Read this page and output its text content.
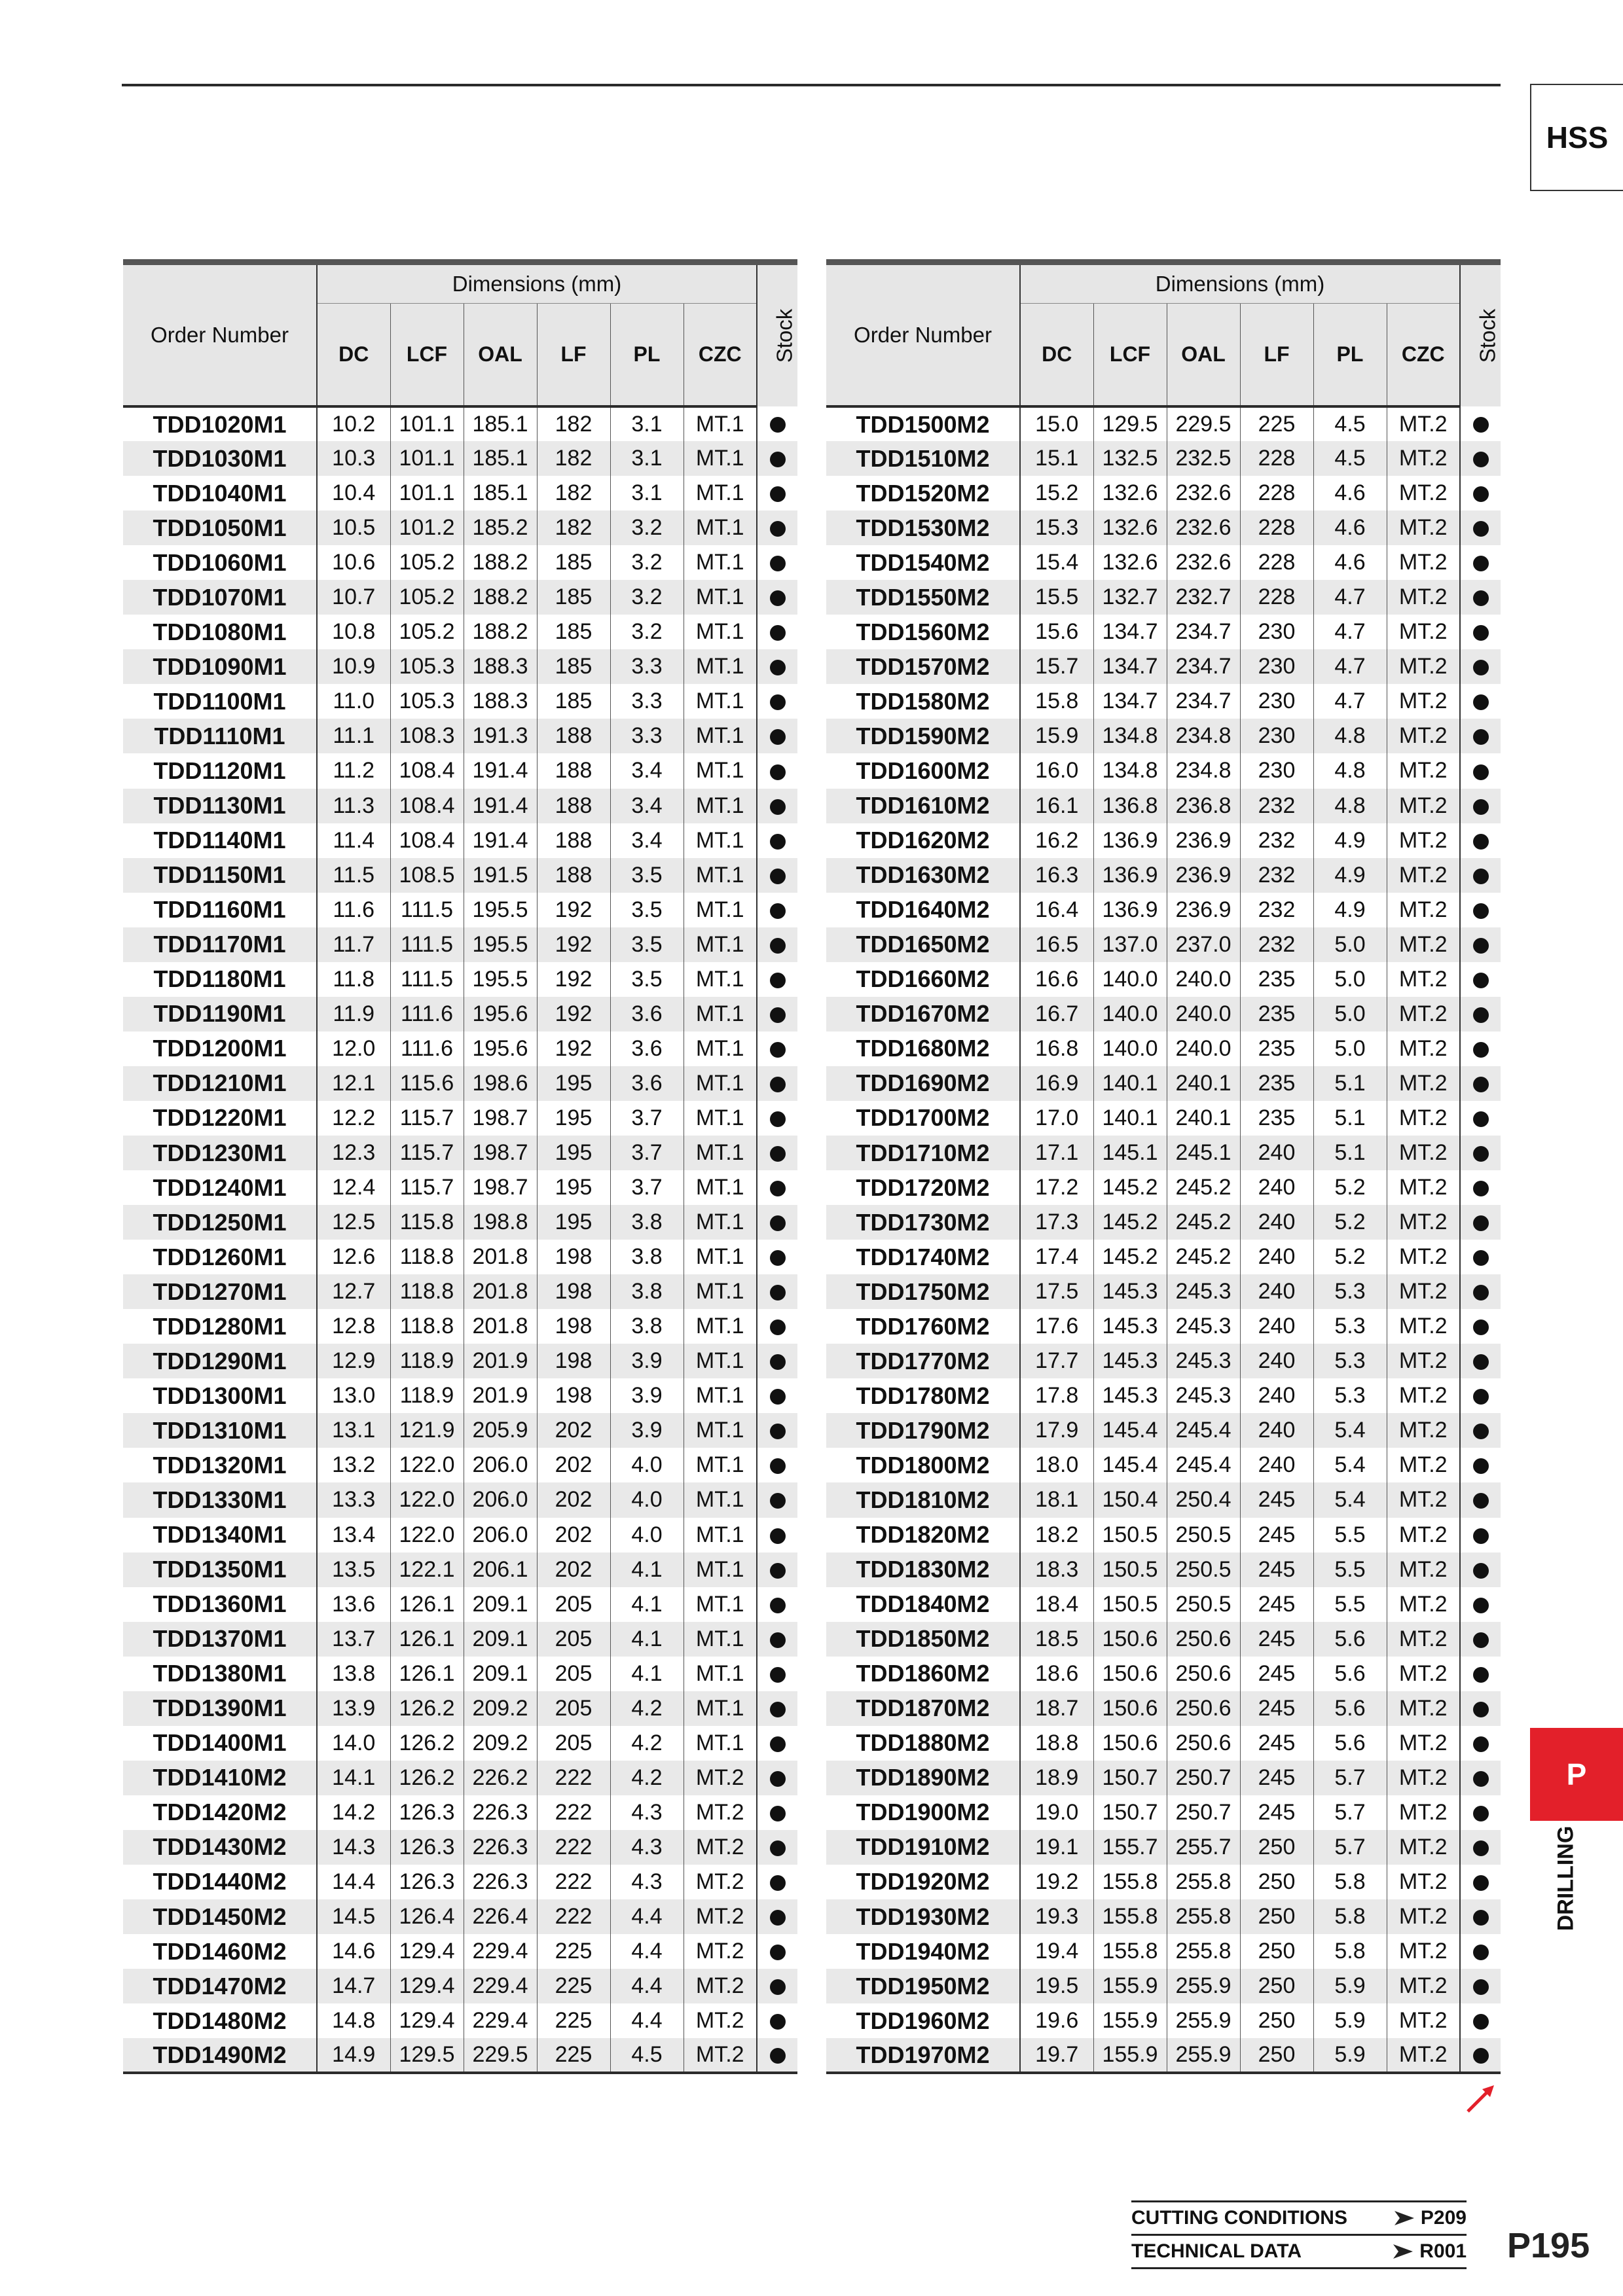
HSS
Order Number	Dimensions (mm)						Stock
	DC	LCF	OAL	LF	PL	CZC	
TDD1020M1	10.2	101.1	185.1	182	3.1	MT.1	
TDD1030M1	10.3	101.1	185.1	182	3.1	MT.1	
TDD1040M1	10.4	101.1	185.1	182	3.1	MT.1	
TDD1050M1	10.5	101.2	185.2	182	3.2	MT.1	
TDD1060M1	10.6	105.2	188.2	185	3.2	MT.1	
TDD1070M1	10.7	105.2	188.2	185	3.2	MT.1	
TDD1080M1	10.8	105.2	188.2	185	3.2	MT.1	
TDD1090M1	10.9	105.3	188.3	185	3.3	MT.1	
TDD1100M1	11.0	105.3	188.3	185	3.3	MT.1	
TDD1110M1	11.1	108.3	191.3	188	3.3	MT.1	
TDD1120M1	11.2	108.4	191.4	188	3.4	MT.1	
TDD1130M1	11.3	108.4	191.4	188	3.4	MT.1	
TDD1140M1	11.4	108.4	191.4	188	3.4	MT.1	
TDD1150M1	11.5	108.5	191.5	188	3.5	MT.1	
TDD1160M1	11.6	111.5	195.5	192	3.5	MT.1	
TDD1170M1	11.7	111.5	195.5	192	3.5	MT.1	
TDD1180M1	11.8	111.5	195.5	192	3.5	MT.1	
TDD1190M1	11.9	111.6	195.6	192	3.6	MT.1	
TDD1200M1	12.0	111.6	195.6	192	3.6	MT.1	
TDD1210M1	12.1	115.6	198.6	195	3.6	MT.1	
TDD1220M1	12.2	115.7	198.7	195	3.7	MT.1	
TDD1230M1	12.3	115.7	198.7	195	3.7	MT.1	
TDD1240M1	12.4	115.7	198.7	195	3.7	MT.1	
TDD1250M1	12.5	115.8	198.8	195	3.8	MT.1	
TDD1260M1	12.6	118.8	201.8	198	3.8	MT.1	
TDD1270M1	12.7	118.8	201.8	198	3.8	MT.1	
TDD1280M1	12.8	118.8	201.8	198	3.8	MT.1	
TDD1290M1	12.9	118.9	201.9	198	3.9	MT.1	
TDD1300M1	13.0	118.9	201.9	198	3.9	MT.1	
TDD1310M1	13.1	121.9	205.9	202	3.9	MT.1	
TDD1320M1	13.2	122.0	206.0	202	4.0	MT.1	
TDD1330M1	13.3	122.0	206.0	202	4.0	MT.1	
TDD1340M1	13.4	122.0	206.0	202	4.0	MT.1	
TDD1350M1	13.5	122.1	206.1	202	4.1	MT.1	
TDD1360M1	13.6	126.1	209.1	205	4.1	MT.1	
TDD1370M1	13.7	126.1	209.1	205	4.1	MT.1	
TDD1380M1	13.8	126.1	209.1	205	4.1	MT.1	
TDD1390M1	13.9	126.2	209.2	205	4.2	MT.1	
TDD1400M1	14.0	126.2	209.2	205	4.2	MT.1	
TDD1410M2	14.1	126.2	226.2	222	4.2	MT.2	
TDD1420M2	14.2	126.3	226.3	222	4.3	MT.2	
TDD1430M2	14.3	126.3	226.3	222	4.3	MT.2	
TDD1440M2	14.4	126.3	226.3	222	4.3	MT.2	
TDD1450M2	14.5	126.4	226.4	222	4.4	MT.2	
TDD1460M2	14.6	129.4	229.4	225	4.4	MT.2	
TDD1470M2	14.7	129.4	229.4	225	4.4	MT.2	
TDD1480M2	14.8	129.4	229.4	225	4.4	MT.2	
TDD1490M2	14.9	129.5	229.5	225	4.5	MT.2	
Order Number	Dimensions (mm)						Stock
	DC	LCF	OAL	LF	PL	CZC	
TDD1500M2	15.0	129.5	229.5	225	4.5	MT.2	
TDD1510M2	15.1	132.5	232.5	228	4.5	MT.2	
TDD1520M2	15.2	132.6	232.6	228	4.6	MT.2	
TDD1530M2	15.3	132.6	232.6	228	4.6	MT.2	
TDD1540M2	15.4	132.6	232.6	228	4.6	MT.2	
TDD1550M2	15.5	132.7	232.7	228	4.7	MT.2	
TDD1560M2	15.6	134.7	234.7	230	4.7	MT.2	
TDD1570M2	15.7	134.7	234.7	230	4.7	MT.2	
TDD1580M2	15.8	134.7	234.7	230	4.7	MT.2	
TDD1590M2	15.9	134.8	234.8	230	4.8	MT.2	
TDD1600M2	16.0	134.8	234.8	230	4.8	MT.2	
TDD1610M2	16.1	136.8	236.8	232	4.8	MT.2	
TDD1620M2	16.2	136.9	236.9	232	4.9	MT.2	
TDD1630M2	16.3	136.9	236.9	232	4.9	MT.2	
TDD1640M2	16.4	136.9	236.9	232	4.9	MT.2	
TDD1650M2	16.5	137.0	237.0	232	5.0	MT.2	
TDD1660M2	16.6	140.0	240.0	235	5.0	MT.2	
TDD1670M2	16.7	140.0	240.0	235	5.0	MT.2	
TDD1680M2	16.8	140.0	240.0	235	5.0	MT.2	
TDD1690M2	16.9	140.1	240.1	235	5.1	MT.2	
TDD1700M2	17.0	140.1	240.1	235	5.1	MT.2	
TDD1710M2	17.1	145.1	245.1	240	5.1	MT.2	
TDD1720M2	17.2	145.2	245.2	240	5.2	MT.2	
TDD1730M2	17.3	145.2	245.2	240	5.2	MT.2	
TDD1740M2	17.4	145.2	245.2	240	5.2	MT.2	
TDD1750M2	17.5	145.3	245.3	240	5.3	MT.2	
TDD1760M2	17.6	145.3	245.3	240	5.3	MT.2	
TDD1770M2	17.7	145.3	245.3	240	5.3	MT.2	
TDD1780M2	17.8	145.3	245.3	240	5.3	MT.2	
TDD1790M2	17.9	145.4	245.4	240	5.4	MT.2	
TDD1800M2	18.0	145.4	245.4	240	5.4	MT.2	
TDD1810M2	18.1	150.4	250.4	245	5.4	MT.2	
TDD1820M2	18.2	150.5	250.5	245	5.5	MT.2	
TDD1830M2	18.3	150.5	250.5	245	5.5	MT.2	
TDD1840M2	18.4	150.5	250.5	245	5.5	MT.2	
TDD1850M2	18.5	150.6	250.6	245	5.6	MT.2	
TDD1860M2	18.6	150.6	250.6	245	5.6	MT.2	
TDD1870M2	18.7	150.6	250.6	245	5.6	MT.2	
TDD1880M2	18.8	150.6	250.6	245	5.6	MT.2	
TDD1890M2	18.9	150.7	250.7	245	5.7	MT.2	
TDD1900M2	19.0	150.7	250.7	245	5.7	MT.2	
TDD1910M2	19.1	155.7	255.7	250	5.7	MT.2	
TDD1920M2	19.2	155.8	255.8	250	5.8	MT.2	
TDD1930M2	19.3	155.8	255.8	250	5.8	MT.2	
TDD1940M2	19.4	155.8	255.8	250	5.8	MT.2	
TDD1950M2	19.5	155.9	255.9	250	5.9	MT.2	
TDD1960M2	19.6	155.9	255.9	250	5.9	MT.2	
TDD1970M2	19.7	155.9	255.9	250	5.9	MT.2	
P
DRILLING
CUTTING CONDITIONS	P209
TECHNICAL DATA	R001 P195
